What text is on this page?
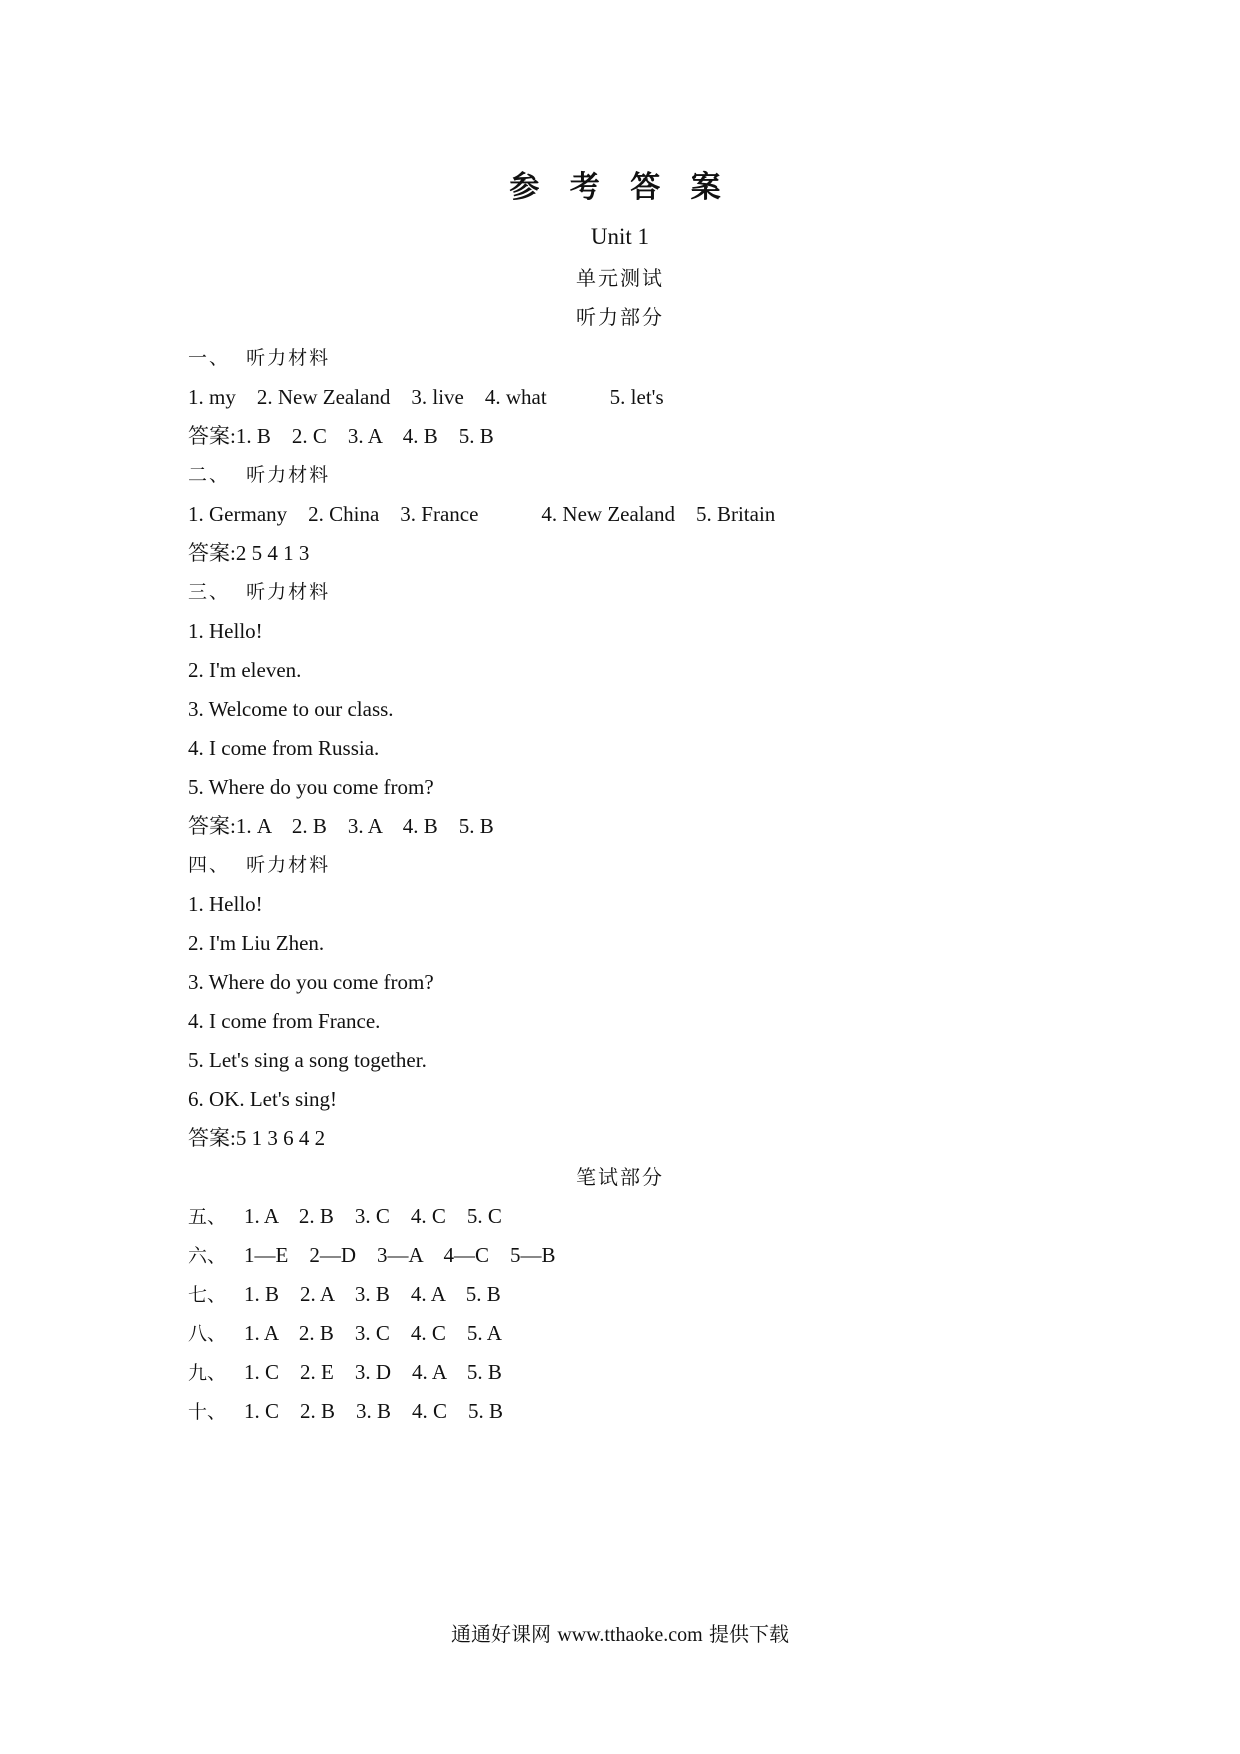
参 考 答 案
Unit 1
单元测试
听力部分
一、  听力材料
1. my    2. New Zealand    3. live    4. what            5. let's
答案:1. B    2. C    3. A    4. B    5. B
二、  听力材料
1. Germany    2. China    3. France            4. New Zealand    5. Britain
答案:2 5 4 1 3
三、  听力材料
1. Hello!
2. I'm eleven.
3. Welcome to our class.
4. I come from Russia.
5. Where do you come from?
答案:1. A    2. B    3. A    4. B    5. B
四、  听力材料
1. Hello!
2. I'm Liu Zhen.
3. Where do you come from?
4. I come from France.
5. Let's sing a song together.
6. OK. Let's sing!
答案:5 1 3 6 4 2
笔试部分
五、 1. A    2. B    3. C    4. C    5. C
六、 1—E    2—D    3—A    4—C    5—B
七、 1. B    2. A    3. B    4. A    5. B
八、 1. A    2. B    3. C    4. C    5. A
九、 1. C    2. E    3. D    4. A    5. B
十、 1. C    2. B    3. B    4. C    5. B
通通好课网 www.tthaoke.com 提供下载
